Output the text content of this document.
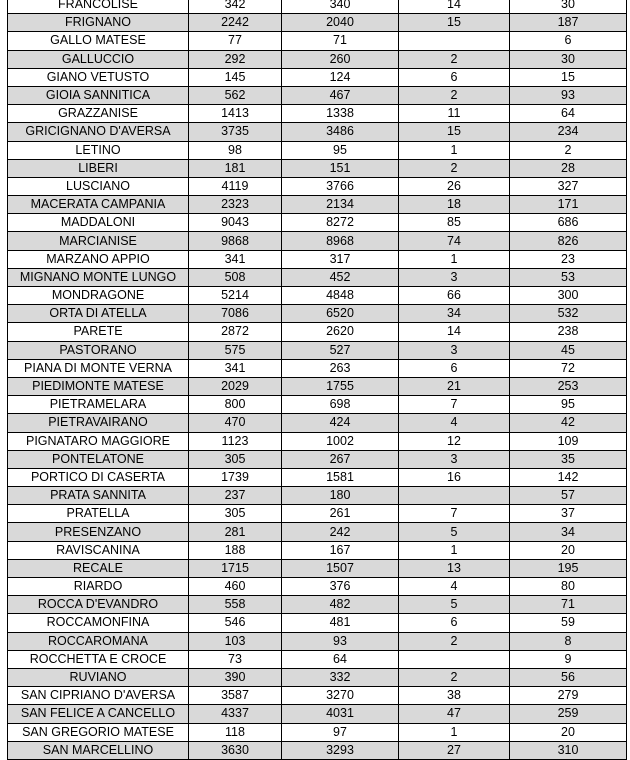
FRANCOLISE	342	340	14	30
FRIGNANO	2242	2040	15	187
GALLO MATESE	77	71		6
GALLUCCIO	292	260	2	30
GIANO VETUSTO	145	124	6	15
GIOIA SANNITICA	562	467	2	93
GRAZZANISE	1413	1338	11	64
GRICIGNANO D'AVERSA	3735	3486	15	234
LETINO	98	95	1	2
LIBERI	181	151	2	28
LUSCIANO	4119	3766	26	327
MACERATA CAMPANIA	2323	2134	18	171
MADDALONI	9043	8272	85	686
MARCIANISE	9868	8968	74	826
MARZANO APPIO	341	317	1	23
MIGNANO MONTE LUNGO	508	452	3	53
MONDRAGONE	5214	4848	66	300
ORTA DI ATELLA	7086	6520	34	532
PARETE	2872	2620	14	238
PASTORANO	575	527	3	45
PIANA DI MONTE VERNA	341	263	6	72
PIEDIMONTE MATESE	2029	1755	21	253
PIETRAMELARA	800	698	7	95
PIETRAVAIRANO	470	424	4	42
PIGNATARO MAGGIORE	1123	1002	12	109
PONTELATONE	305	267	3	35
PORTICO DI CASERTA	1739	1581	16	142
PRATA SANNITA	237	180		57
PRATELLA	305	261	7	37
PRESENZANO	281	242	5	34
RAVISCANINA	188	167	1	20
RECALE	1715	1507	13	195
RIARDO	460	376	4	80
ROCCA D'EVANDRO	558	482	5	71
ROCCAMONFINA	546	481	6	59
ROCCAROMANA	103	93	2	8
ROCCHETTA E CROCE	73	64		9
RUVIANO	390	332	2	56
SAN CIPRIANO D'AVERSA	3587	3270	38	279
SAN FELICE A CANCELLO	4337	4031	47	259
SAN GREGORIO MATESE	118	97	1	20
SAN MARCELLINO	3630	3293	27	310
